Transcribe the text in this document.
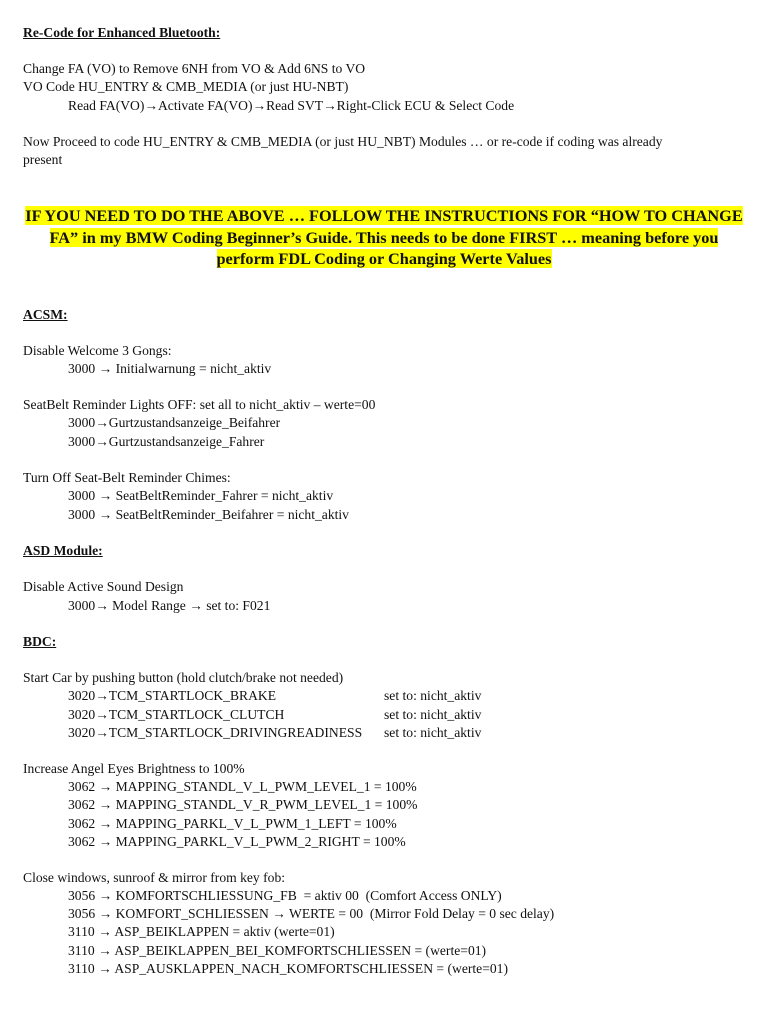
Re-Code for Enhanced Bluetooth:
Change FA (VO) to Remove 6NH from VO & Add 6NS to VO
VO Code HU_ENTRY & CMB_MEDIA (or just HU-NBT)
Read FA(VO)→Activate FA(VO)→Read SVT→Right-Click ECU & Select Code
Now Proceed to code HU_ENTRY & CMB_MEDIA (or just HU_NBT) Modules … or re-code if coding was already
present
IF YOU NEED TO DO THE ABOVE … FOLLOW THE INSTRUCTIONS FOR “HOW TO CHANGE FA” in my BMW Coding Beginner’s Guide. This needs to be done FIRST … meaning before you perform FDL Coding or Changing Werte Values
ACSM:
Disable Welcome 3 Gongs:
3000 → Initialwarnung = nicht_aktiv
SeatBelt Reminder Lights OFF: set all to nicht_aktiv – werte=00
3000→Gurtzustandsanzeige_Beifahrer
3000→Gurtzustandsanzeige_Fahrer
Turn Off Seat-Belt Reminder Chimes:
3000 → SeatBeltReminder_Fahrer = nicht_aktiv
3000 → SeatBeltReminder_Beifahrer = nicht_aktiv
ASD Module:
Disable Active Sound Design
3000→ Model Range → set to: F021
BDC:
Start Car by pushing button (hold clutch/brake not needed)
3020→TCM_STARTLOCK_BRAKE	set to: nicht_aktiv
3020→TCM_STARTLOCK_CLUTCH	set to: nicht_aktiv
3020→TCM_STARTLOCK_DRIVINGREADINESS set to: nicht_aktiv
Increase Angel Eyes Brightness to 100%
3062 → MAPPING_STANDL_V_L_PWM_LEVEL_1 = 100%
3062 → MAPPING_STANDL_V_R_PWM_LEVEL_1 = 100%
3062 → MAPPING_PARKL_V_L_PWM_1_LEFT = 100%
3062 → MAPPING_PARKL_V_L_PWM_2_RIGHT = 100%
Close windows, sunroof & mirror from key fob:
3056 → KOMFORTSCHLIESSUNG_FB  = aktiv 00  (Comfort Access ONLY)
3056 → KOMFORT_SCHLIESSEN → WERTE = 00  (Mirror Fold Delay = 0 sec delay)
3110 → ASP_BEIKLAPPEN = aktiv (werte=01)
3110 → ASP_BEIKLAPPEN_BEI_KOMFORTSCHLIESSEN = (werte=01)
3110 → ASP_AUSKLAPPEN_NACH_KOMFORTSCHLIESSEN = (werte=01)
